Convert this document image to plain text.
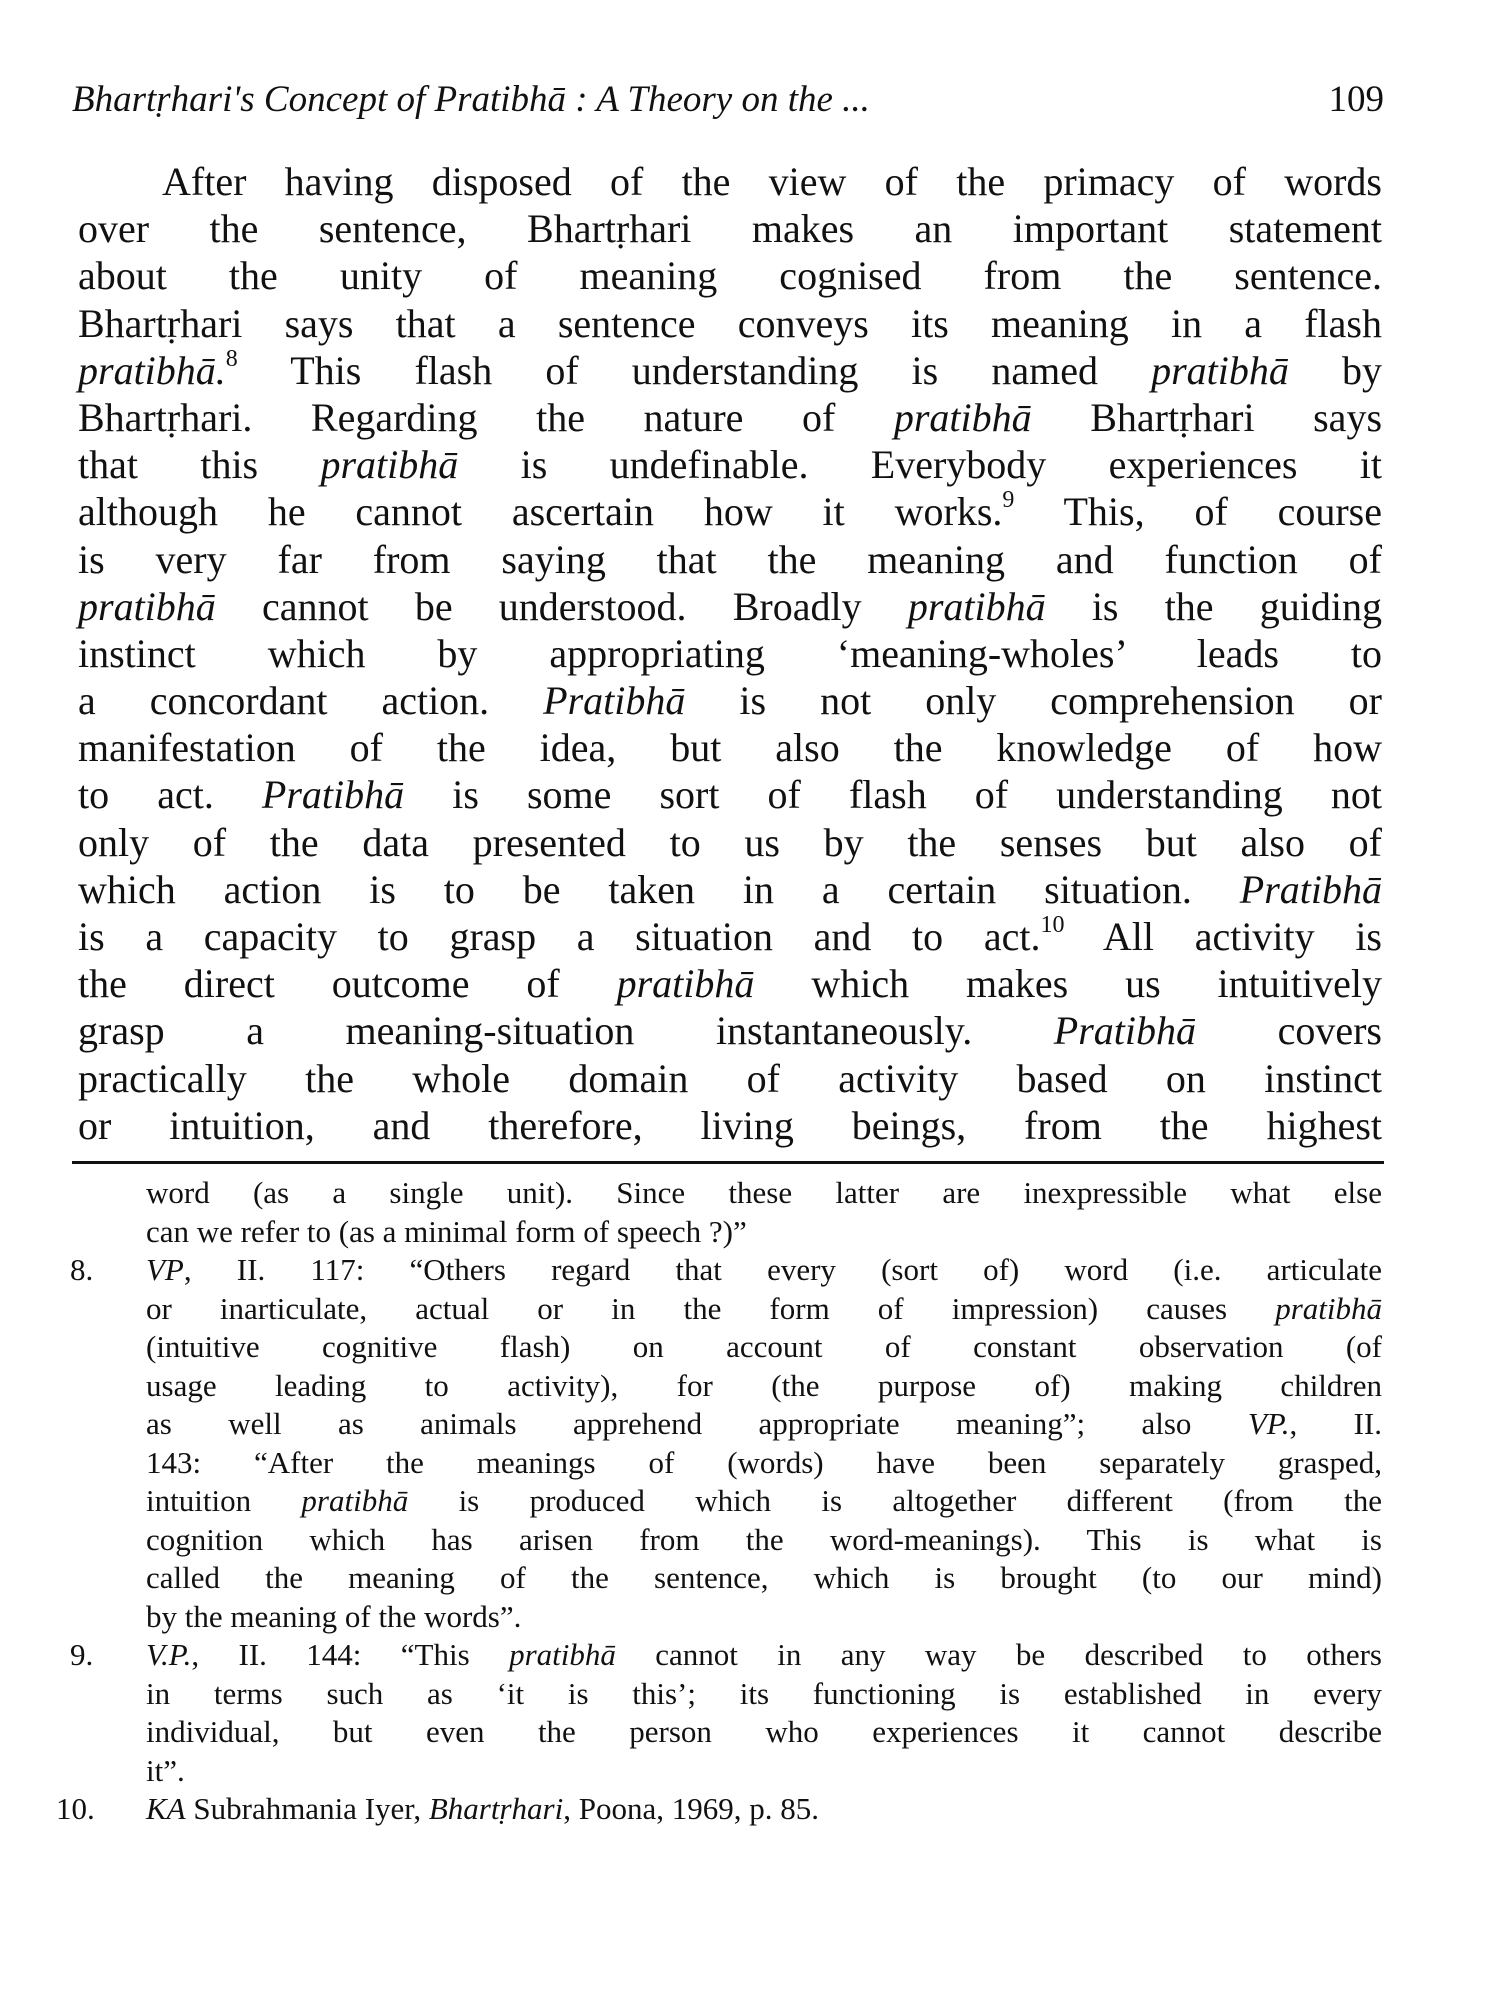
Bhartṛhari's Concept of Pratibhā : A Theory on the ...	109
After having disposed of the view of the primacy of words
over the sentence, Bhartṛhari makes an important statement
about the unity of meaning cognised from the sentence.
Bhartṛhari says that a sentence conveys its meaning in a flash
pratibhā.$^8$ This flash of understanding is named pratibhā by
Bhartṛhari. Regarding the nature of pratibhā Bhartṛhari says
that this pratibhā is undefinable. Everybody experiences it
although he cannot ascertain how it works.$^9$ This, of course
is very far from saying that the meaning and function of
pratibhā cannot be understood. Broadly pratibhā is the guiding
instinct which by appropriating ‘meaning-wholes’ leads to
a concordant action. Pratibhā is not only comprehension or
manifestation of the idea, but also the knowledge of how
to act. Pratibhā is some sort of flash of understanding not
only of the data presented to us by the senses but also of
which action is to be taken in a certain situation. Pratibhā
is a capacity to grasp a situation and to act.$^{10}$ All activity is
the direct outcome of pratibhā which makes us intuitively
grasp a meaning-situation instantaneously. Pratibhā covers
practically the whole domain of activity based on instinct
or intuition, and therefore, living beings, from the highest
word (as a single unit). Since these latter are inexpressible what else
can we refer to (as a minimal form of speech ?)”
8. VP, II. 117: “Others regard that every (sort of) word (i.e. articulate
or inarticulate, actual or in the form of impression) causes pratibhā
(intuitive cognitive flash) on account of constant observation (of
usage leading to activity), for (the purpose of) making children
as well as animals apprehend appropriate meaning”; also VP., II.
143: “After the meanings of (words) have been separately grasped,
intuition pratibhā is produced which is altogether different (from the
cognition which has arisen from the word-meanings). This is what is
called the meaning of the sentence, which is brought (to our mind)
by the meaning of the words”.
9. V.P., II. 144: “This pratibhā cannot in any way be described to others
in terms such as ‘it is this’; its functioning is established in every
individual, but even the person who experiences it cannot describe
it”.
10. KA Subrahmania Iyer, Bhartṛhari, Poona, 1969, p. 85.
